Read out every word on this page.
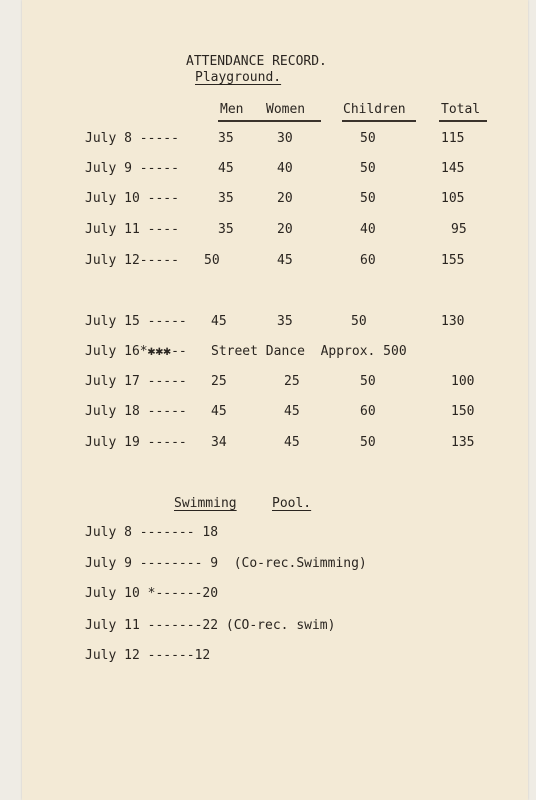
ATTENDANCE RECORD.
Playground.
Men Women	Children	Total
July 8 -----	35	30	50	115
July 9 -----	45	40	50	145
July 10 ----	35	20	50	105
July 11 ----	35	20	40	95
July 12----- 50	45	60	155
July 15 ----- 45	35	50	130
July 16*✱✱✱-- Street Dance  Approx. 500
July 17 ----- 25	25	50	100
July 18 ----- 45	45	60	150
July 19 ----- 34	45	50	135
Swimming	Pool.
July 8 ------- 18
July 9 -------- 9  (Co-rec.Swimming)
July 10 *------20
July 11 -------22 (CO-rec. swim)
July 12 ------12
